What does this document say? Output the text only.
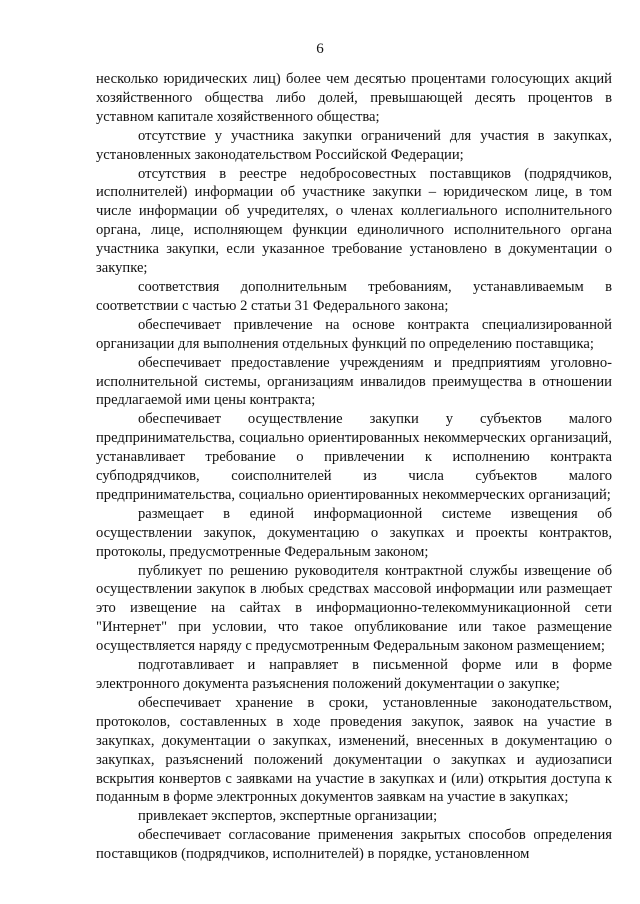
6

несколько юридических лиц) более чем десятью процентами голосующих акций хозяйственного общества либо долей, превышающей десять процентов в уставном капитале хозяйственного общества;

отсутствие у участника закупки ограничений для участия в закупках, установленных законодательством Российской Федерации;

отсутствия в реестре недобросовестных поставщиков (подрядчиков, исполнителей) информации об участнике закупки – юридическом лице, в том числе информации об учредителях, о членах коллегиального исполнительного органа, лице, исполняющем функции единоличного исполнительного органа участника закупки, если указанное требование установлено в документации о закупке;

соответствия дополнительным требованиям, устанавливаемым в соответствии с частью 2 статьи 31 Федерального закона;

обеспечивает привлечение на основе контракта специализированной организации для выполнения отдельных функций по определению поставщика;

обеспечивает предоставление учреждениям и предприятиям уголовно-исполнительной системы, организациям инвалидов преимущества в отношении предлагаемой ими цены контракта;

обеспечивает осуществление закупки у субъектов малого предпринимательства, социально ориентированных некоммерческих организаций, устанавливает требование о привлечении к исполнению контракта субподрядчиков, соисполнителей из числа субъектов малого предпринимательства, социально ориентированных некоммерческих организаций;

размещает в единой информационной системе извещения об осуществлении закупок, документацию о закупках и проекты контрактов, протоколы, предусмотренные Федеральным законом;

публикует по решению руководителя контрактной службы извещение об осуществлении закупок в любых средствах массовой информации или размещает это извещение на сайтах в информационно-телекоммуникационной сети "Интернет" при условии, что такое опубликование или такое размещение осуществляется наряду с предусмотренным Федеральным законом размещением;

подготавливает и направляет в письменной форме или в форме электронного документа разъяснения положений документации о закупке;

обеспечивает хранение в сроки, установленные законодательством, протоколов, составленных в ходе проведения закупок, заявок на участие в закупках, документации о закупках, изменений, внесенных в документацию о закупках, разъяснений положений документации о закупках и аудиозаписи вскрытия конвертов с заявками на участие в закупках и (или) открытия доступа к поданным в форме электронных документов заявкам на участие в закупках;

привлекает экспертов, экспертные организации;

обеспечивает согласование применения закрытых способов определения поставщиков (подрядчиков, исполнителей) в порядке, установленном
